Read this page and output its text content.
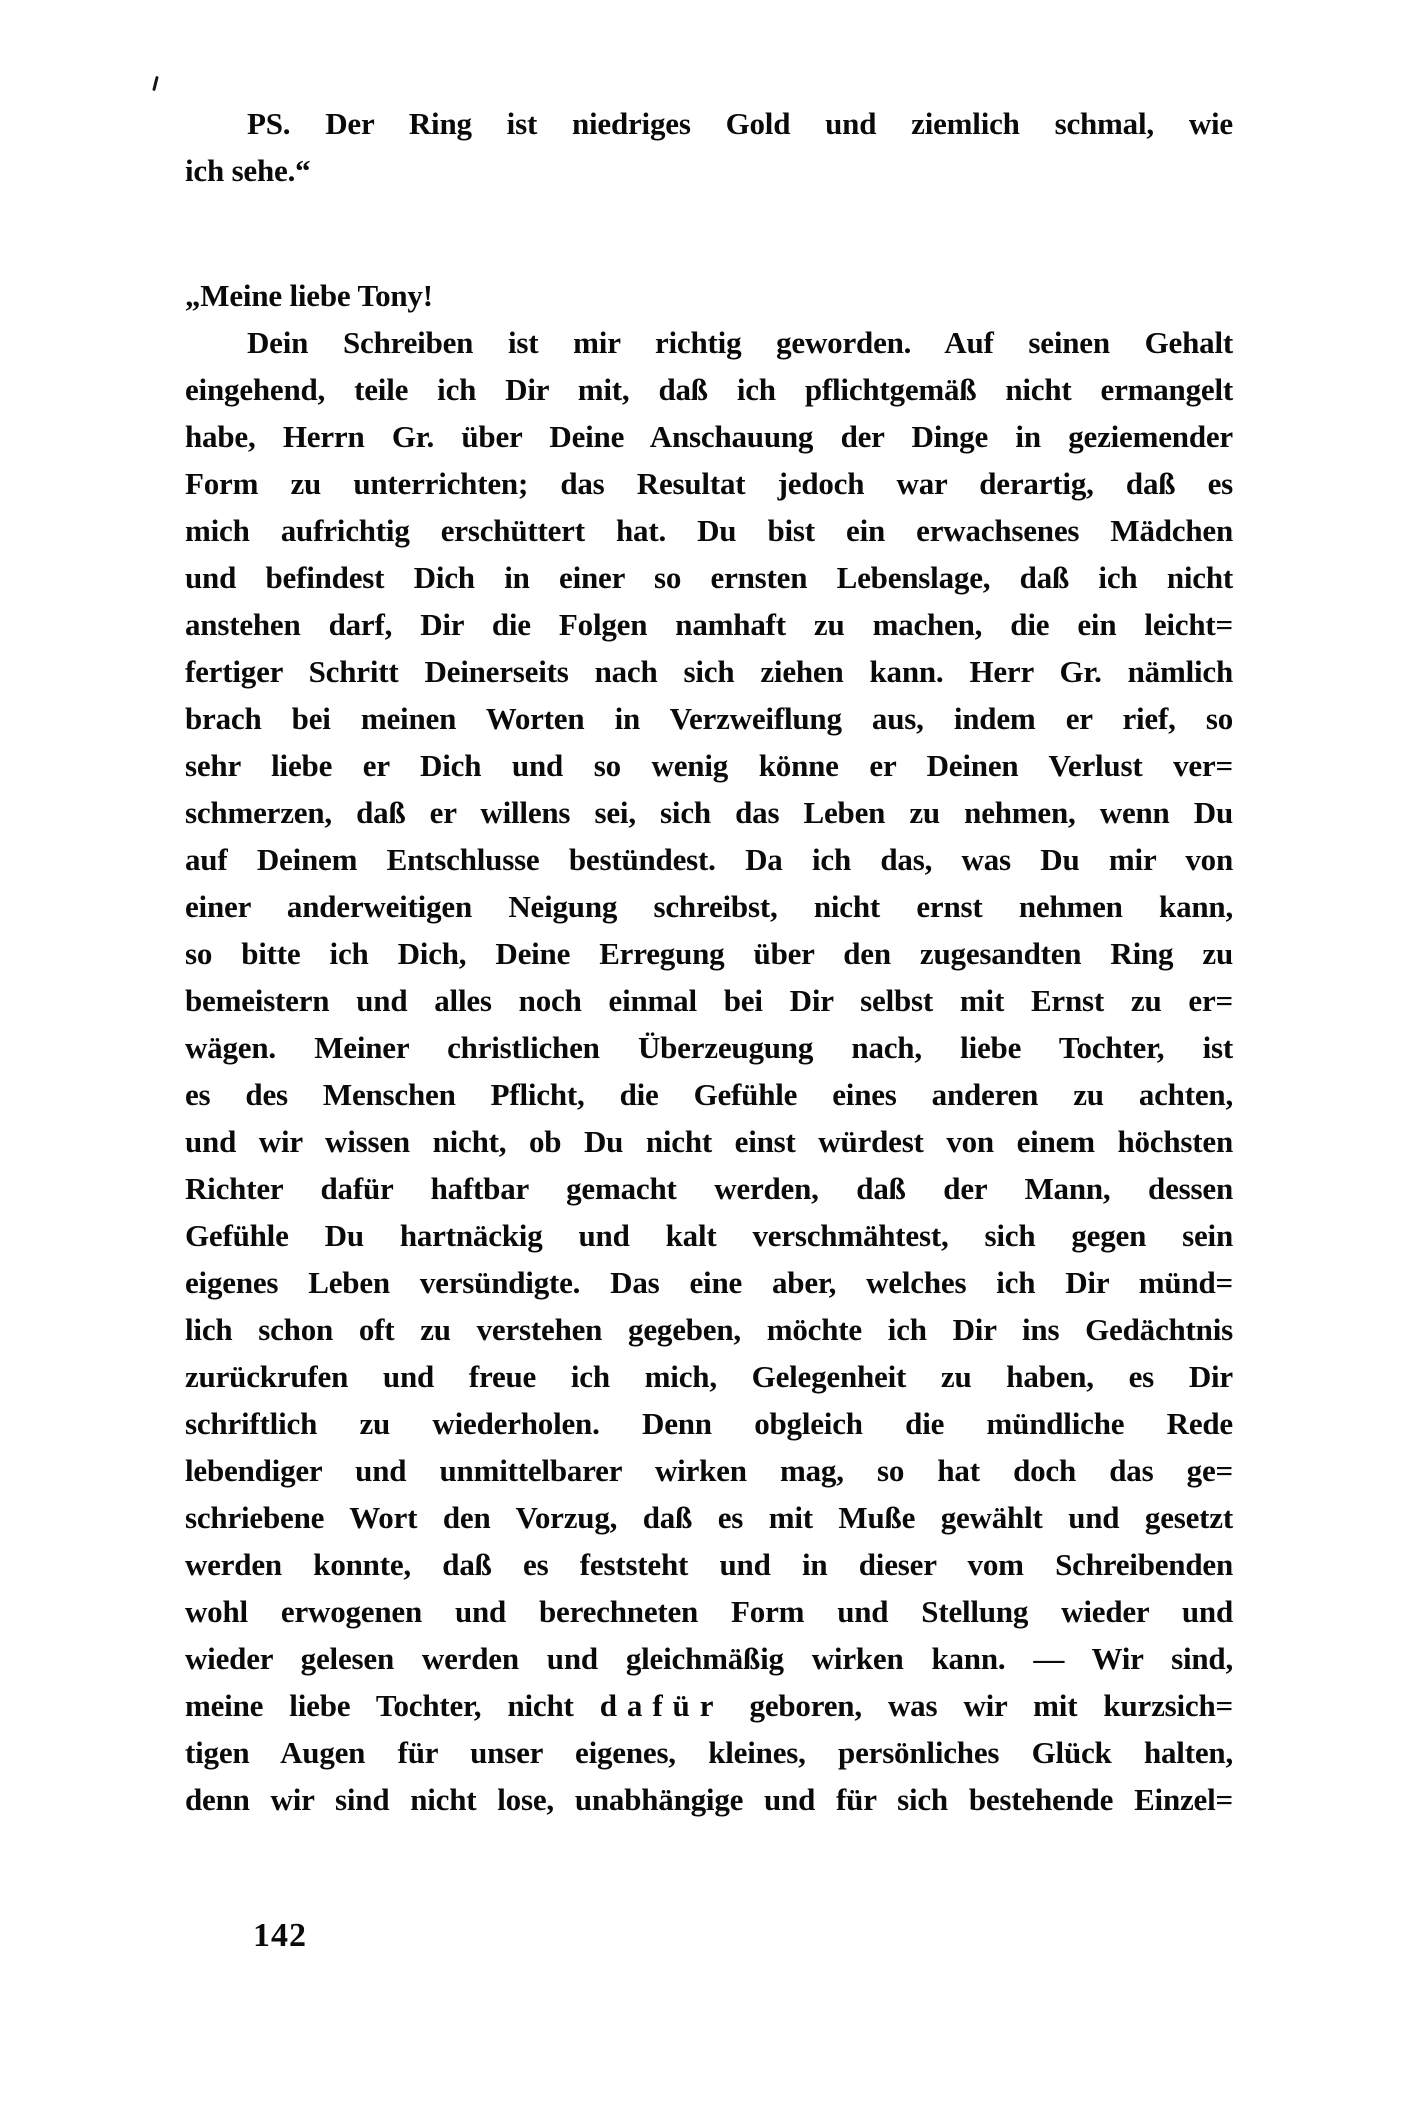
PS. Der Ring ist niedriges Gold und ziemlich schmal, wie
ich sehe.“
„Meine liebe Tony!
Dein Schreiben ist mir richtig geworden. Auf seinen Gehalt
eingehend, teile ich Dir mit, daß ich pflichtgemäß nicht ermangelt
habe, Herrn Gr. über Deine Anschauung der Dinge in geziemender
Form zu unterrichten; das Resultat jedoch war derartig, daß es
mich aufrichtig erschüttert hat. Du bist ein erwachsenes Mädchen
und befindest Dich in einer so ernsten Lebenslage, daß ich nicht
anstehen darf, Dir die Folgen namhaft zu machen, die ein leicht=
fertiger Schritt Deinerseits nach sich ziehen kann. Herr Gr. nämlich
brach bei meinen Worten in Verzweiflung aus, indem er rief, so
sehr liebe er Dich und so wenig könne er Deinen Verlust ver=
schmerzen, daß er willens sei, sich das Leben zu nehmen, wenn Du
auf Deinem Entschlusse bestündest. Da ich das, was Du mir von
einer anderweitigen Neigung schreibst, nicht ernst nehmen kann,
so bitte ich Dich, Deine Erregung über den zugesandten Ring zu
bemeistern und alles noch einmal bei Dir selbst mit Ernst zu er=
wägen. Meiner christlichen Überzeugung nach, liebe Tochter, ist
es des Menschen Pflicht, die Gefühle eines anderen zu achten,
und wir wissen nicht, ob Du nicht einst würdest von einem höchsten
Richter dafür haftbar gemacht werden, daß der Mann, dessen
Gefühle Du hartnäckig und kalt verschmähtest, sich gegen sein
eigenes Leben versündigte. Das eine aber, welches ich Dir münd=
lich schon oft zu verstehen gegeben, möchte ich Dir ins Gedächtnis
zurückrufen und freue ich mich, Gelegenheit zu haben, es Dir
schriftlich zu wiederholen. Denn obgleich die mündliche Rede
lebendiger und unmittelbarer wirken mag, so hat doch das ge=
schriebene Wort den Vorzug, daß es mit Muße gewählt und gesetzt
werden konnte, daß es feststeht und in dieser vom Schreibenden
wohl erwogenen und berechneten Form und Stellung wieder und
wieder gelesen werden und gleichmäßig wirken kann. — Wir sind,
meine liebe Tochter, nicht dafür geboren, was wir mit kurzsich=
tigen Augen für unser eigenes, kleines, persönliches Glück halten,
denn wir sind nicht lose, unabhängige und für sich bestehende Einzel=
142
